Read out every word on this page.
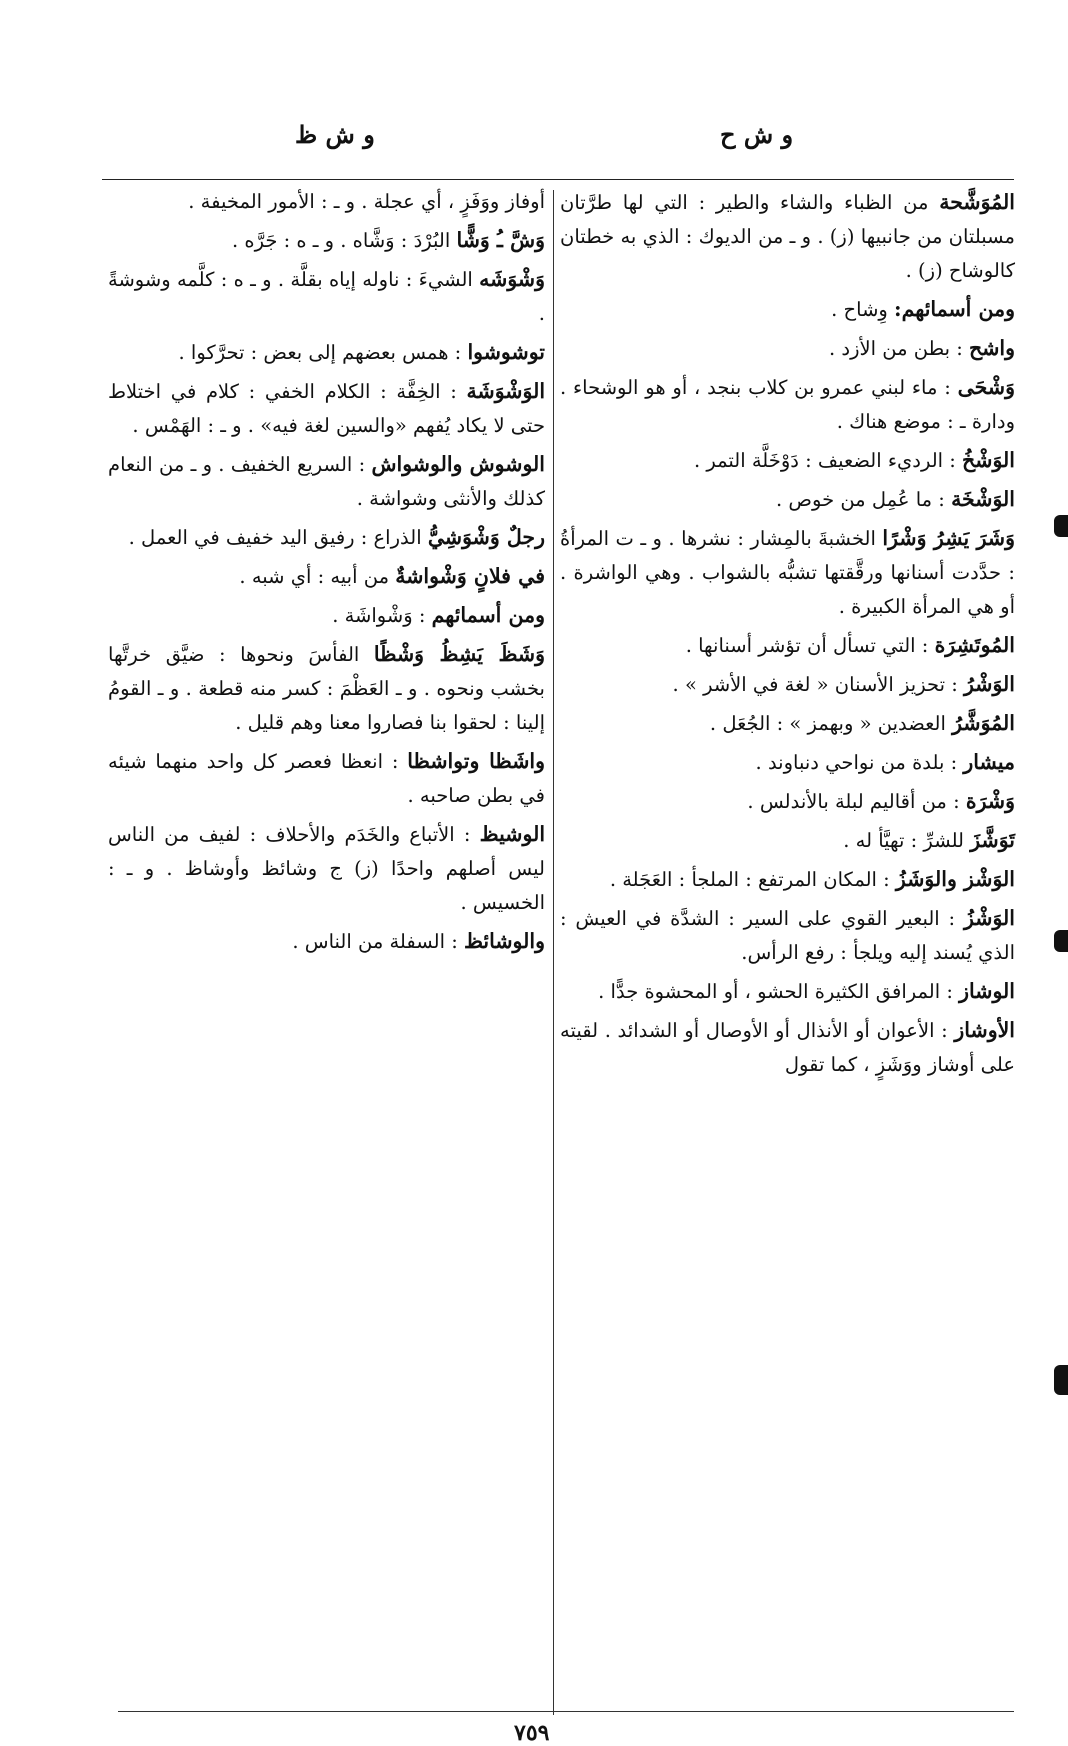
و ش ح
و ش ظ

المُوَشَّحة من الظباء والشاء والطير : التي لها طرَّتان مسبلتان من جانبيها (ز) . و ـ من الديوك : الذي به خطتان كالوشاح (ز) .

ومن أسمائهم: وِشاح .

واشح : بطن من الأزد .

وَشْحَى : ماء لبني عمرو بن كلاب بنجد ، أو هو الوشحاء . ودارة ـ : موضع هناك .

الوَشْخُ : الرديء الضعيف : دَوْخَلَّة التمر .

الوَشْخَة : ما عُمِل من خوص .

وَشَرَ يَشِرُ وَشْرًا الخشبةَ بالمِشار : نشرها . و ـ ت المرأةُ : حدَّدت أسنانها ورقَّقتها تشبُّه بالشواب . وهي الواشرة . أو هي المرأة الكبيرة .

المُوتَشِرَة : التي تسأل أن تؤشر أسنانها .

الوَشْرُ : تحزيز الأسنان « لغة في الأشر » .

المُوَشَّرُ العضدين « وبهمز » : الجُعَل .

ميشار : بلدة من نواحي دنباوند .

وَشْرَة : من أقاليم لبلة بالأندلس .

تَوَشَّزَ للشرِّ : تهيَّأ له .

الوَشْز والوَشَزُ : المكان المرتفع : الملجأ : العَجَلة .

الوَشْزُ : البعير القوي على السير : الشدَّة في العيش : الذي يُسند إليه ويلجأ : رفع الرأس.

الوشاز : المرافق الكثيرة الحشو ، أو المحشوة جدًّا .

الأوشاز : الأعوان أو الأنذال أو الأوصال أو الشدائد . لقيته على أوشاز ووَشَزٍ ، كما تقول

أوفاز ووَفَزٍ ، أي عجلة . و ـ : الأمور المخيفة .

وَشَّ ـُ وَشًّا البُرْدَ : وَشَّاه . و ـ ه : جَرَّه .

وَشْوَشَه الشيءَ : ناوله إياه بقلَّة . و ـ ه : كلَّمه وشوشةً .

توشوشوا : همس بعضهم إلى بعض : تحرَّكوا .

الوَشْوَشَة : الخِفَّة : الكلام الخفي : كلام في اختلاط حتى لا يكاد يُفهم «والسين لغة فيه» . و ـ : الهَمْس .

الوشوش والوشواش : السريع الخفيف . و ـ من النعام كذلك والأنثى وشواشة .

رجلٌ وَشْوَشِيُّ الذراع : رفيق اليد خفيف في العمل .

في فلانٍ وَشْواشةٌ من أبيه : أي شبه .

ومن أسمائهم : وَشْواشَة .

وَشَظَ يَشِظُ وَشْظًا الفأسَ ونحوها : ضيَّق خرتَّها بخشب ونحوه . و ـ العَظْمَ : كسر منه قطعة . و ـ القومُ إلينا : لحقوا بنا فصاروا معنا وهم قليل .

واشَظا وتواشظا : انعظا فعصر كل واحد منهما شيئه في بطن صاحبه .

الوشيظ : الأتباع والخَدَم والأحلاف : لفيف من الناس ليس أصلهم واحدًا (ز) ج وشائظ وأوشاظ . و ـ : الخسيس .

والوشائظ : السفلة من الناس .

٧٥٩
